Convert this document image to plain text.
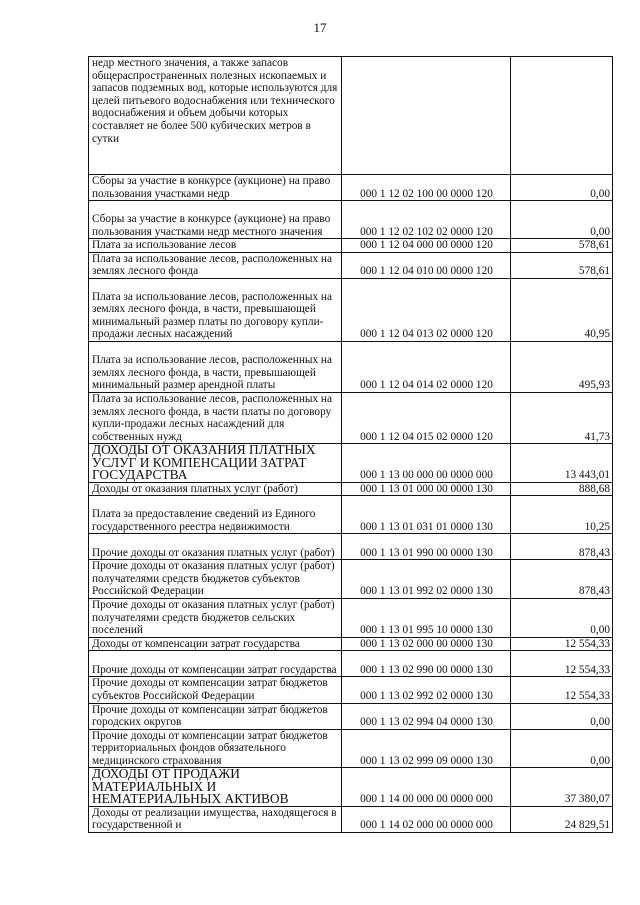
17
недр местного значения, а также запасов общераспространенных полезных ископаемых и запасов подземных вод, которые используются для целей питьевого водоснабжения или технического водоснабжения и объем добычи которых составляет не более 500 кубических метров в сутки		
Сборы за участие в конкурсе (аукционе) на право пользования участками недр	000 1 12 02 100 00 0000 120	0,00
Сборы за участие в конкурсе (аукционе) на право пользования участками недр местного значения	000 1 12 02 102 02 0000 120	0,00
Плата за использование лесов	000 1 12 04 000 00 0000 120	578,61
Плата за использование лесов, расположенных на землях лесного фонда	000 1 12 04 010 00 0000 120	578,61
Плата за использование лесов, расположенных на землях лесного фонда, в части, превышающей минимальный размер платы по договору купли-продажи лесных насаждений	000 1 12 04 013 02 0000 120	40,95
Плата за использование лесов, расположенных на землях лесного фонда, в части, превышающей минимальный размер арендной платы	000 1 12 04 014 02 0000 120	495,93
Плата за использование лесов, расположенных на землях лесного фонда, в части платы по договору купли-продажи лесных насаждений для собственных нужд	000 1 12 04 015 02 0000 120	41,73
ДОХОДЫ ОТ ОКАЗАНИЯ ПЛАТНЫХ УСЛУГ И КОМПЕНСАЦИИ ЗАТРАТ ГОСУДАРСТВА	000 1 13 00 000 00 0000 000	13 443,01
Доходы от оказания платных услуг (работ)	000 1 13 01 000 00 0000 130	888,68
Плата за предоставление сведений из Единого государственного реестра недвижимости	000 1 13 01 031 01 0000 130	10,25
Прочие доходы от оказания платных услуг (работ)	000 1 13 01 990 00 0000 130	878,43
Прочие доходы от оказания платных услуг (работ) получателями средств бюджетов субъектов Российской Федерации	000 1 13 01 992 02 0000 130	878,43
Прочие доходы от оказания платных услуг (работ) получателями средств бюджетов сельских поселений	000 1 13 01 995 10 0000 130	0,00
Доходы от компенсации затрат государства	000 1 13 02 000 00 0000 130	12 554,33
Прочие доходы от компенсации затрат государства	000 1 13 02 990 00 0000 130	12 554,33
Прочие доходы от компенсации затрат бюджетов субъектов Российской Федерации	000 1 13 02 992 02 0000 130	12 554,33
Прочие доходы от компенсации затрат бюджетов городских округов	000 1 13 02 994 04 0000 130	0,00
Прочие доходы от компенсации затрат бюджетов территориальных фондов обязательного медицинского страхования	000 1 13 02 999 09 0000 130	0,00
ДОХОДЫ ОТ ПРОДАЖИ МАТЕРИАЛЬНЫХ И НЕМАТЕРИАЛЬНЫХ АКТИВОВ	000 1 14 00 000 00 0000 000	37 380,07
Доходы от реализации имущества, находящегося в государственной и	000 1 14 02 000 00 0000 000	24 829,51
